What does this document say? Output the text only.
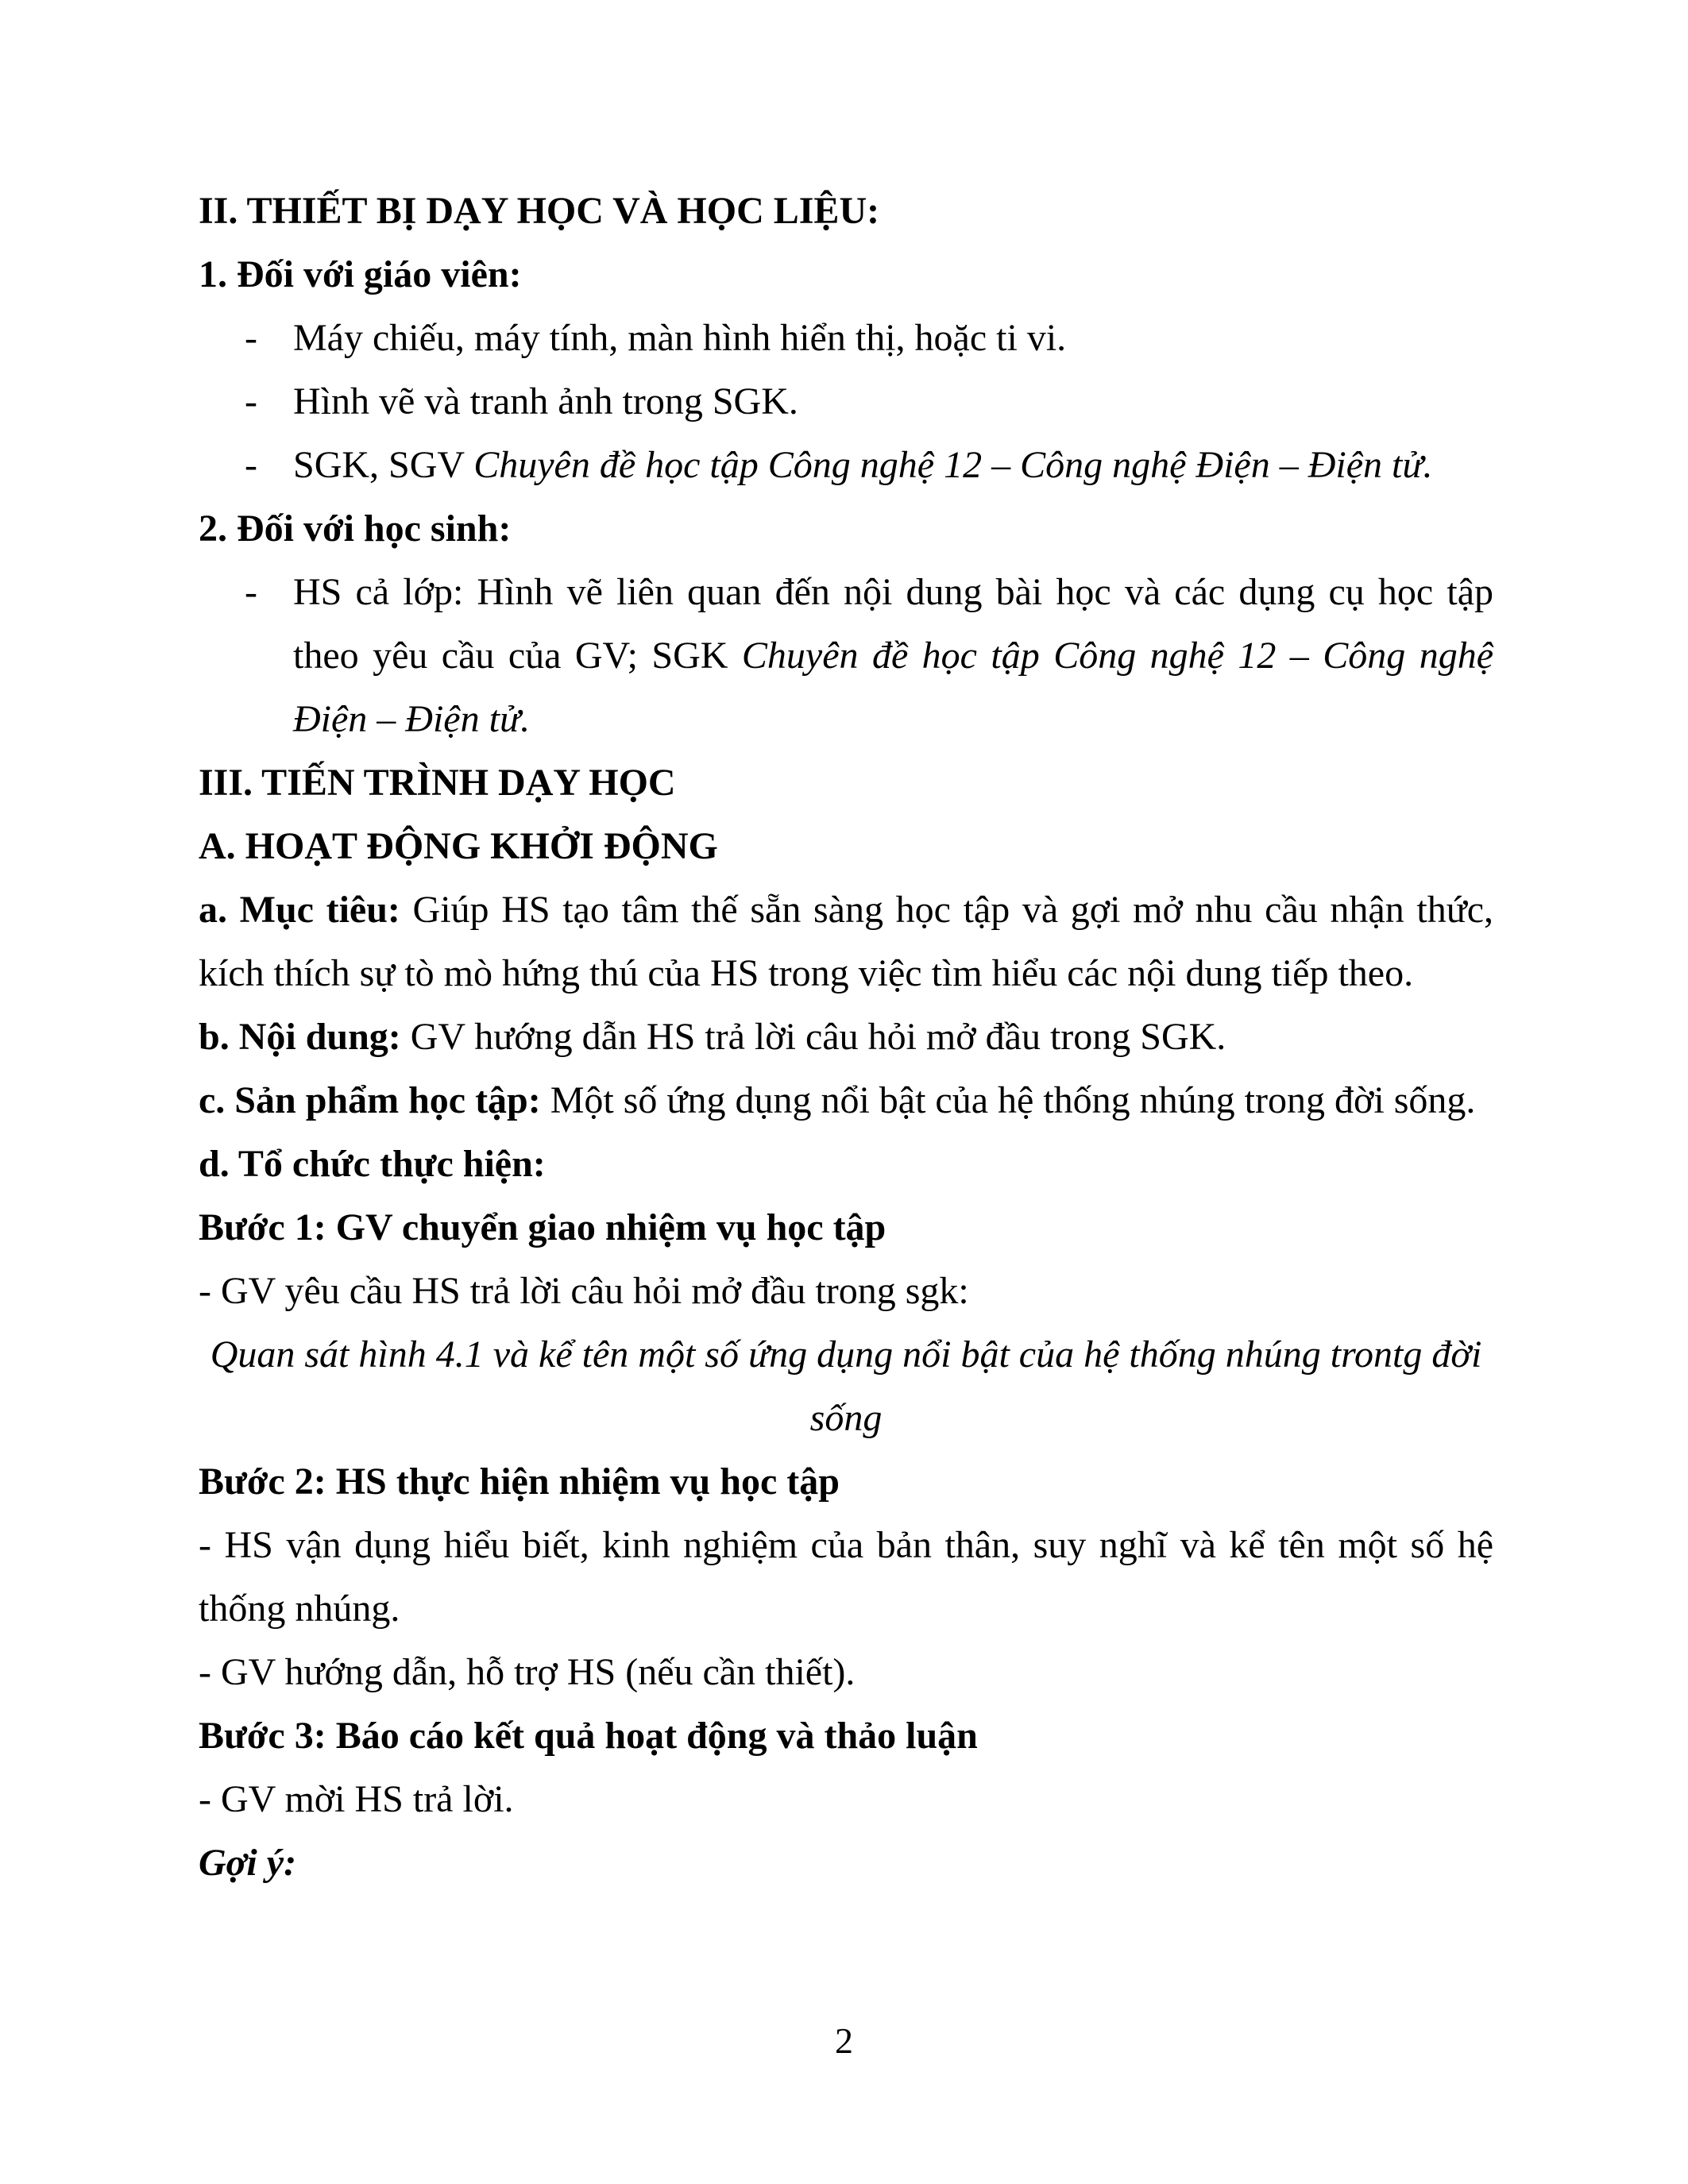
II. THIẾT BỊ DẠY HỌC VÀ HỌC LIỆU:

1. Đối với giáo viên:

- Máy chiếu, máy tính, màn hình hiển thị, hoặc ti vi.

- Hình vẽ và tranh ảnh trong SGK.

- SGK, SGV Chuyên đề học tập Công nghệ 12 – Công nghệ Điện – Điện tử.

2. Đối với học sinh:

- HS cả lớp: Hình vẽ liên quan đến nội dung bài học và các dụng cụ học tập theo yêu cầu của GV; SGK Chuyên đề học tập Công nghệ 12 – Công nghệ Điện – Điện tử.

III. TIẾN TRÌNH DẠY HỌC

A. HOẠT ĐỘNG KHỞI ĐỘNG

a. Mục tiêu: Giúp HS tạo tâm thế sẵn sàng học tập và gợi mở nhu cầu nhận thức, kích thích sự tò mò hứng thú của HS trong việc tìm hiểu các nội dung tiếp theo.

b. Nội dung: GV hướng dẫn HS trả lời câu hỏi mở đầu trong SGK.

c. Sản phẩm học tập: Một số ứng dụng nổi bật của hệ thống nhúng trong đời sống.

d. Tổ chức thực hiện:

Bước 1: GV chuyển giao nhiệm vụ học tập

- GV yêu cầu HS trả lời câu hỏi mở đầu trong sgk:

Quan sát hình 4.1 và kể tên một số ứng dụng nổi bật của hệ thống nhúng trontg đời sống

Bước 2: HS thực hiện nhiệm vụ học tập

- HS vận dụng hiểu biết, kinh nghiệm của bản thân, suy nghĩ và kể tên một số hệ thống nhúng.

- GV hướng dẫn, hỗ trợ HS (nếu cần thiết).

Bước 3: Báo cáo kết quả hoạt động và thảo luận

- GV mời HS trả lời.

Gợi ý:

2
